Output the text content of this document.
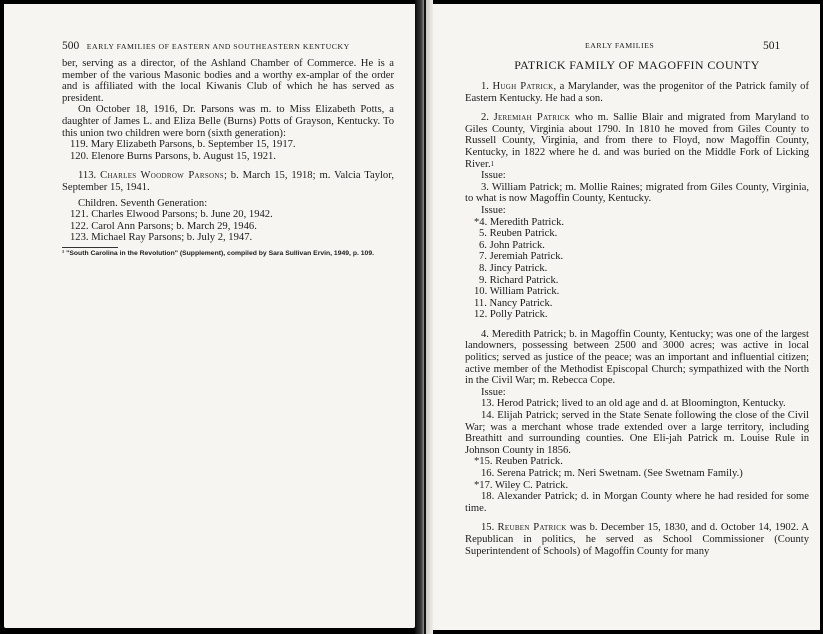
500 EARLY FAMILIES OF EASTERN AND SOUTHEASTERN KENTUCKY

ber, serving as a director, of the Ashland Chamber of Commerce. He is a member of the various Masonic bodies and a worthy ex-amplar of the order and is affiliated with the local Kiwanis Club of which he has served as president.

On October 18, 1916, Dr. Parsons was m. to Miss Elizabeth Potts, a daughter of James L. and Eliza Belle (Burns) Potts of Grayson, Kentucky. To this union two children were born (sixth generation):

119. Mary Elizabeth Parsons, b. September 15, 1917.

120. Elenore Burns Parsons, b. August 15, 1921.

113. Charles Woodrow Parsons; b. March 15, 1918; m. Valcia Taylor, September 15, 1941.

Children. Seventh Generation:

121. Charles Elwood Parsons; b. June 20, 1942.

122. Carol Ann Parsons; b. March 29, 1946.

123. Michael Ray Parsons; b. July 2, 1947.

¹ "South Carolina in the Revolution" (Supplement), compiled by Sara Sullivan Ervin, 1949, p. 109.

EARLY FAMILIES	501
PATRICK FAMILY OF MAGOFFIN COUNTY

1. Hugh Patrick, a Marylander, was the progenitor of the Patrick family of Eastern Kentucky. He had a son.

2. Jeremiah Patrick who m. Sallie Blair and migrated from Maryland to Giles County, Virginia about 1790. In 1810 he moved from Giles County to Russell County, Virginia, and from there to Floyd, now Magoffin County, Kentucky, in 1822 where he d. and was buried on the Middle Fork of Licking River.$^1$

Issue:

3. William Patrick; m. Mollie Raines; migrated from Giles County, Virginia, to what is now Magoffin County, Kentucky.

Issue:

*4. Meredith Patrick.

5. Reuben Patrick.

6. John Patrick.

7. Jeremiah Patrick.

8. Jincy Patrick.

9. Richard Patrick.

10. William Patrick.

11. Nancy Patrick.

12. Polly Patrick.

4. Meredith Patrick; b. in Magoffin County, Kentucky; was one of the largest landowners, possessing between 2500 and 3000 acres; was active in local politics; served as justice of the peace; was an important and influential citizen; active member of the Methodist Episcopal Church; sympathized with the North in the Civil War; m. Rebecca Cope.

Issue:

13. Herod Patrick; lived to an old age and d. at Bloomington, Kentucky.

14. Elijah Patrick; served in the State Senate following the close of the Civil War; was a merchant whose trade extended over a large territory, including Breathitt and surrounding counties. One Eli-jah Patrick m. Louise Rule in Johnson County in 1856.

*15. Reuben Patrick.

16. Serena Patrick; m. Neri Swetnam. (See Swetnam Family.)

*17. Wiley C. Patrick.

18. Alexander Patrick; d. in Morgan County where he had resided for some time.

15. Reuben Patrick was b. December 15, 1830, and d. October 14, 1902. A Republican in politics, he served as School Commissioner (County Superintendent of Schools) of Magoffin County for many
